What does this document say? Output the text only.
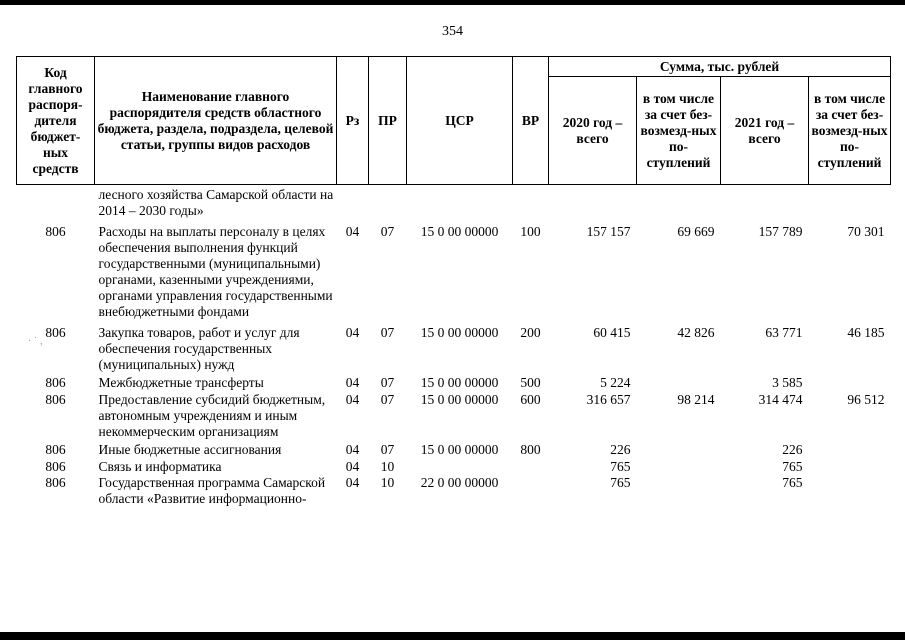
354
· ˙ ‚
Код главного распоря-дителя бюджет-ных средств	Наименование главного распорядителя средств областного бюджета, раздела, подраздела, целевой статьи, группы видов расходов	Рз	ПР	ЦСР	ВР	Сумма, тыс. рублей			
						2020 год – всего	в том числе за счет без-возмезд-ных по-ступлений	2021 год – всего	в том числе за счет без-возмезд-ных по-ступлений
	лесного хозяйства Самарской области на 2014 – 2030 годы»								
806	Расходы на выплаты персоналу в целях обеспечения выполнения функций государственными (муниципальными) органами, казенными учреждениями, органами управления государственными внебюджетными фондами	04	07	15 0 00 00000	100	157 157	69 669	157 789	70 301
806	Закупка товаров, работ и услуг для обеспечения государственных (муниципальных) нужд	04	07	15 0 00 00000	200	60 415	42 826	63 771	46 185
806	Межбюджетные трансферты	04	07	15 0 00 00000	500	5 224		3 585	
806	Предоставление субсидий бюджетным, автономным учреждениям и иным некоммерческим организациям	04	07	15 0 00 00000	600	316 657	98 214	314 474	96 512
806	Иные бюджетные ассигнования	04	07	15 0 00 00000	800	226		226	
806	Связь и информатика	04	10			765		765	
806	Государственная программа Самарской области «Развитие информационно-	04	10	22 0 00 00000		765		765	
